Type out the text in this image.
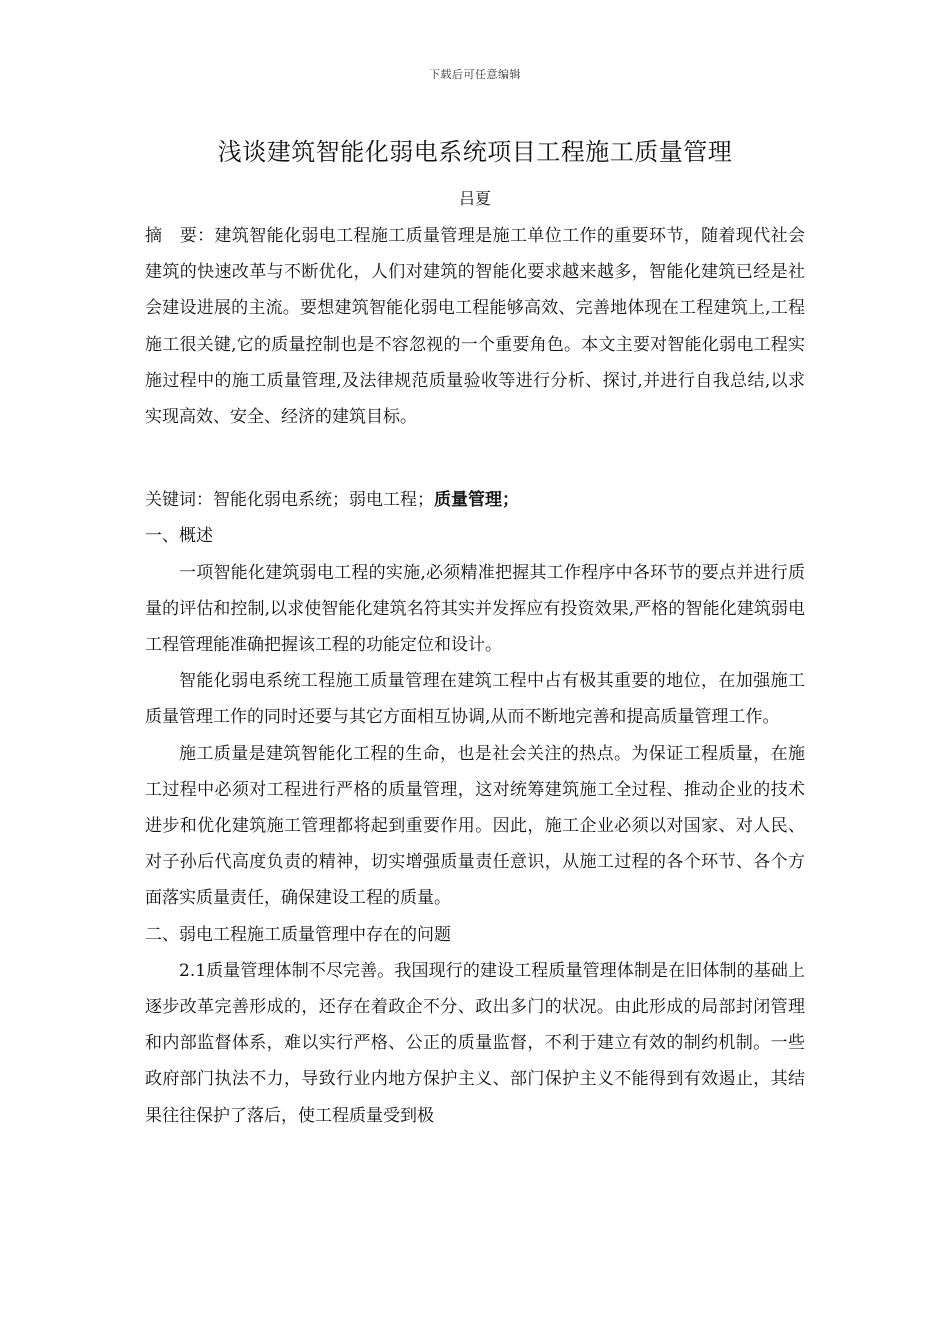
下载后可任意编辑
浅谈建筑智能化弱电系统项目工程施工质量管理
吕夏

摘　要：建筑智能化弱电工程施工质量管理是施工单位工作的重要环节，随着现代社会建筑的快速改革与不断优化，人们对建筑的智能化要求越来越多，智能化建筑已经是社会建设进展的主流。要想建筑智能化弱电工程能够高效、完善地体现在工程建筑上,工程施工很关键,它的质量控制也是不容忽视的一个重要角色。本文主要对智能化弱电工程实施过程中的施工质量管理,及法律规范质量验收等进行分析、探讨,并进行自我总结,以求实现高效、安全、经济的建筑目标。

关键词：智能化弱电系统；弱电工程；质量管理；

一、概述

一项智能化建筑弱电工程的实施,必须精准把握其工作程序中各环节的要点并进行质量的评估和控制,以求使智能化建筑名符其实并发挥应有投资效果,严格的智能化建筑弱电工程管理能准确把握该工程的功能定位和设计。

智能化弱电系统工程施工质量管理在建筑工程中占有极其重要的地位，在加强施工质量管理工作的同时还要与其它方面相互协调,从而不断地完善和提高质量管理工作。

施工质量是建筑智能化工程的生命，也是社会关注的热点。为保证工程质量，在施工过程中必须对工程进行严格的质量管理，这对统筹建筑施工全过程、推动企业的技术进步和优化建筑施工管理都将起到重要作用。因此，施工企业必须以对国家、对人民、对子孙后代高度负责的精神，切实增强质量责任意识，从施工过程的各个环节、各个方面落实质量责任，确保建设工程的质量。

二、弱电工程施工质量管理中存在的问题

2.1质量管理体制不尽完善。我国现行的建设工程质量管理体制是在旧体制的基础上逐步改革完善形成的，还存在着政企不分、政出多门的状况。由此形成的局部封闭管理和内部监督体系，难以实行严格、公正的质量监督，不利于建立有效的制约机制。一些政府部门执法不力，导致行业内地方保护主义、部门保护主义不能得到有效遏止，其结果往往保护了落后，使工程质量受到极
